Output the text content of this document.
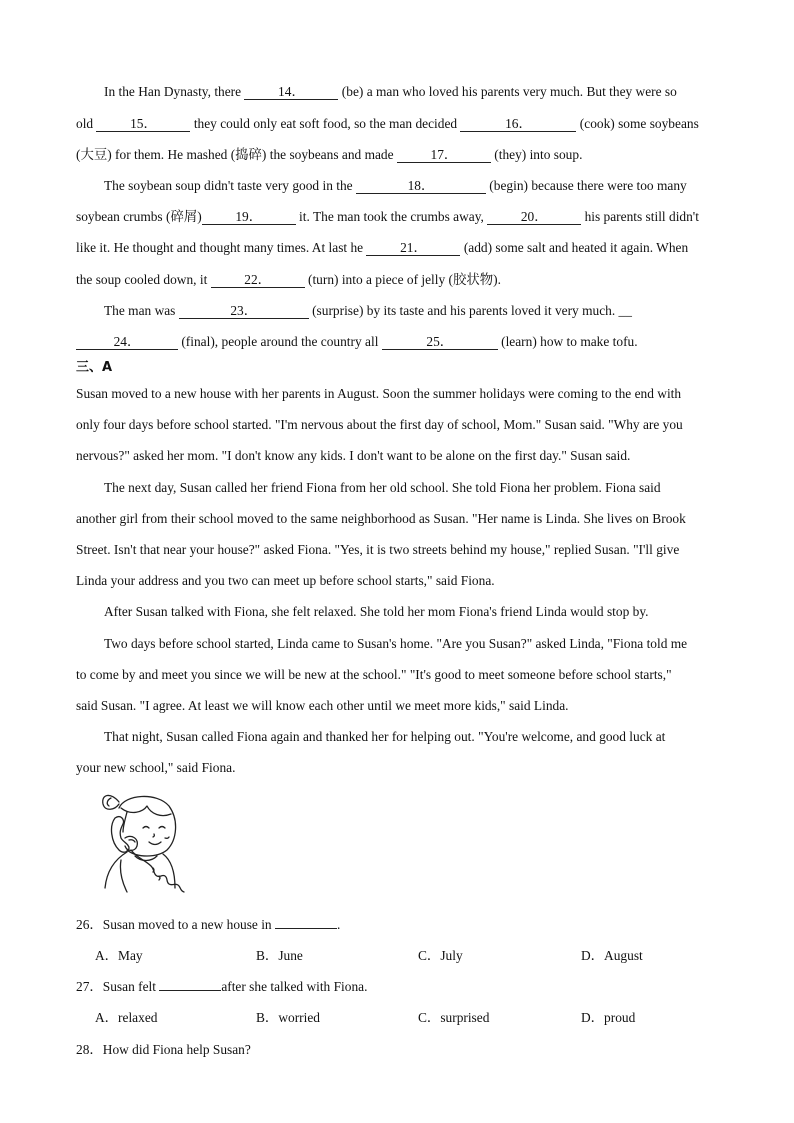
In the Han Dynasty, there	14．	(be) a man who loved his parents very much. But they were so
old	15．	they could only eat soft food, so the man decided	16．	(cook) some soybeans
(大豆) for them. He mashed (捣碎) the soybeans and made	17．	(they) into soup.
The soybean soup didn't taste very good in the	18．	(begin) because there were too many
soybean crumbs (碎屑)	19．	it. The man took the crumbs away,	20．	his parents still didn't
like it. He thought and thought many times. At last he	21．	(add) some salt and heated it again. When
the soup cooled down, it	22．	(turn) into a piece of jelly (胶状物).
The man was	23．	(surprise) by its taste and his parents loved it very much. __
24．	(final), people around the country all	25．	(learn) how to make tofu.
三、A
Susan moved to a new house with her parents in August. Soon the summer holidays were coming to the end with
only four days before school started. "I'm nervous about the first day of school, Mom." Susan said. "Why are you
nervous?" asked her mom. "I don't know any kids. I don't want to be alone on the first day." Susan said.
The next day, Susan called her friend Fiona from her old school. She told Fiona her problem. Fiona said
another girl from their school moved to the same neighborhood as Susan. "Her name is Linda. She lives on Brook
Street. Isn't that near your house?" asked Fiona. "Yes, it is two streets behind my house," replied Susan. "I'll give
Linda your address and you two can meet up before school starts," said Fiona.
After Susan talked with Fiona, she felt relaxed. She told her mom Fiona's friend Linda would stop by.
Two days before school started, Linda came to Susan's home. "Are you Susan?" asked Linda, "Fiona told me
to come by and meet you since we will be new at the school." "It's good to meet someone before school starts,"
said Susan. "I agree. At least we will know each other until we meet more kids," said Linda.
That night, Susan called Fiona again and thanked her for helping out. "You're welcome, and good luck at
your new school," said Fiona.
26．Susan moved to a new house in	.
A．May	B．June	C．July	D．August
27．Susan felt	after she talked with Fiona.
A．relaxed	B．worried	C．surprised	D．proud
28．How did Fiona help Susan?
